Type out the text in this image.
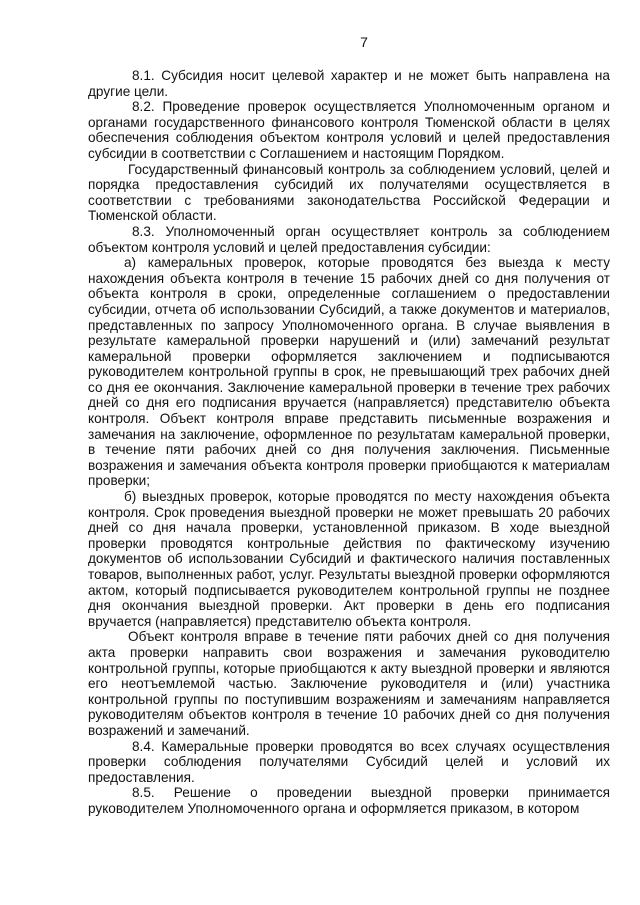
7

8.1. Субсидия носит целевой характер и не может быть направлена на другие цели.

8.2. Проведение проверок осуществляется Уполномоченным органом и органами государственного финансового контроля Тюменской области в целях обеспечения соблюдения объектом контроля условий и целей предоставления субсидии в соответствии с Соглашением и настоящим Порядком.

Государственный финансовый контроль за соблюдением условий, целей и порядка предоставления субсидий их получателями осуществляется в соответствии с требованиями законодательства Российской Федерации и Тюменской области.

8.3. Уполномоченный орган осуществляет контроль за соблюдением объектом контроля условий и целей предоставления субсидии:

а) камеральных проверок, которые проводятся без выезда к месту нахождения объекта контроля в течение 15 рабочих дней со дня получения от объекта контроля в сроки, определенные соглашением о предоставлении субсидии, отчета об использовании Субсидий, а также документов и материалов, представленных по запросу Уполномоченного органа. В случае выявления в результате камеральной проверки нарушений и (или) замечаний результат камеральной проверки оформляется заключением и подписываются руководителем контрольной группы в срок, не превышающий трех рабочих дней со дня ее окончания. Заключение камеральной проверки в течение трех рабочих дней со дня его подписания вручается (направляется) представителю объекта контроля. Объект контроля вправе представить письменные возражения и замечания на заключение, оформленное по результатам камеральной проверки, в течение пяти рабочих дней со дня получения заключения. Письменные возражения и замечания объекта контроля проверки приобщаются к материалам проверки;

б) выездных проверок, которые проводятся по месту нахождения объекта контроля. Срок проведения выездной проверки не может превышать 20 рабочих дней со дня начала проверки, установленной приказом. В ходе выездной проверки проводятся контрольные действия по фактическому изучению документов об использовании Субсидий и фактического наличия поставленных товаров, выполненных работ, услуг. Результаты выездной проверки оформляются актом, который подписывается руководителем контрольной группы не позднее дня окончания выездной проверки. Акт проверки в день его подписания вручается (направляется) представителю объекта контроля.

Объект контроля вправе в течение пяти рабочих дней со дня получения акта проверки направить свои возражения и замечания руководителю контрольной группы, которые приобщаются к акту выездной проверки и являются его неотъемлемой частью. Заключение руководителя и (или) участника контрольной группы по поступившим возражениям и замечаниям направляется руководителям объектов контроля в течение 10 рабочих дней со дня получения возражений и замечаний.

8.4. Камеральные проверки проводятся во всех случаях осуществления проверки соблюдения получателями Субсидий целей и условий их предоставления.

8.5. Решение о проведении выездной проверки принимается руководителем Уполномоченного органа и оформляется приказом, в котором
